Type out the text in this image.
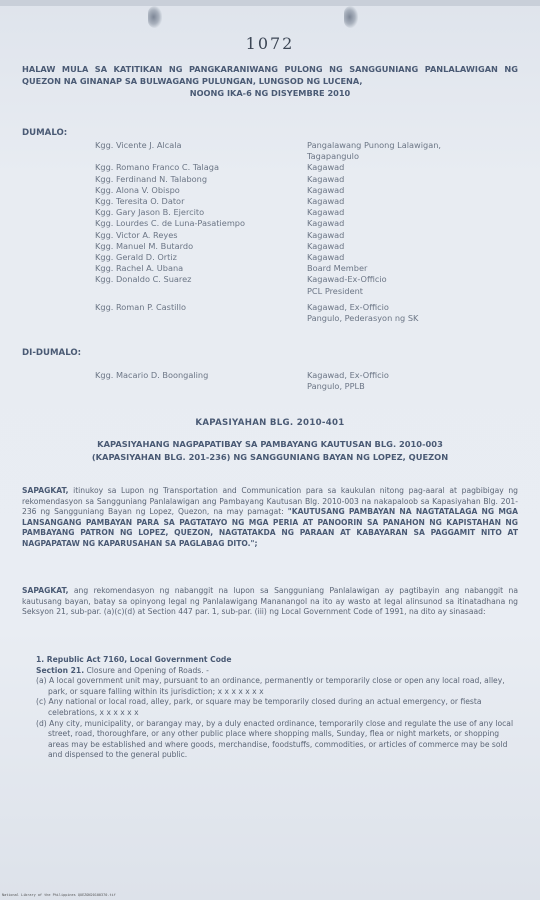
1072
HALAW MULA SA KATITIKAN NG PANGKARANIWANG PULONG NG SANGGUNIANG PANLALAWIGAN NG QUEZON NA GINANAP SA BULWAGANG PULUNGAN, LUNGSOD NG LUCENA,
NOONG IKA-6 NG DISYEMBRE 2010
DUMALO:
Kgg. Vicente J. Alcala	Pangalawang Punong Lalawigan,
Tagapangulo
Kgg. Romano Franco C. Talaga	Kagawad
Kgg. Ferdinand N. Talabong	Kagawad
Kgg. Alona V. Obispo	Kagawad
Kgg. Teresita O. Dator	Kagawad
Kgg. Gary Jason B. Ejercito	Kagawad
Kgg. Lourdes C. de Luna-Pasatiempo	Kagawad
Kgg. Victor A. Reyes	Kagawad
Kgg. Manuel M. Butardo	Kagawad
Kgg. Gerald D. Ortiz	Kagawad
Kgg. Rachel A. Ubana	Board Member
Kgg. Donaldo C. Suarez	Kagawad-Ex-Officio
PCL President
Kgg. Roman P. Castillo	Kagawad, Ex-Officio
Pangulo, Pederasyon ng SK
DI-DUMALO:
Kgg. Macario D. Boongaling	Kagawad, Ex-Officio
Pangulo, PPLB
KAPASIYAHAN BLG. 2010-401
KAPASIYAHANG NAGPAPATIBAY SA PAMBAYANG KAUTUSAN BLG. 2010-003
(KAPASIYAHAN BLG. 201-236) NG SANGGUNIANG BAYAN NG LOPEZ, QUEZON
SAPAGKAT, itinukoy sa Lupon ng Transportation and Communication para sa kaukulan nitong pag-aaral at pagbibigay ng rekomendasyon sa Sangguniang Panlalawigan ang Pambayang Kautusan Blg. 2010-003 na nakapaloob sa Kapasiyahan Blg. 201-236 ng Sangguniang Bayan ng Lopez, Quezon, na may pamagat: "KAUTUSANG PAMBAYAN NA NAGTATALAGA NG MGA LANSANGANG PAMBAYAN PARA SA PAGTATAYO NG MGA PERIA AT PANOORIN SA PANAHON NG KAPISTAHAN NG PAMBAYANG PATRON NG LOPEZ, QUEZON, NAGTATAKDA NG PARAAN AT KABAYARAN SA PAGGAMIT NITO AT NAGPAPATAW NG KAPARUSAHAN SA PAGLABAG DITO.";
SAPAGKAT, ang rekomendasyon ng nabanggit na lupon sa Sangguniang Panlalawigan ay pagtibayin ang nabanggit na kautusang bayan, batay sa opinyong legal ng Panlalawigang Mananangol na ito ay wasto at legal alinsunod sa itinatadhana ng Seksyon 21, sub-par. (a)(c)(d) at Section 447 par. 1, sub-par. (iii) ng Local Government Code of 1991, na dito ay sinasaad:
1. Republic Act 7160, Local Government Code
Section 21. Closure and Opening of Roads. -
(a) A local government unit may, pursuant to an ordinance, permanently or temporarily close or open any local road, alley, park, or square falling within its jurisdiction; x x x x x x x
(c) Any national or local road, alley, park, or square may be temporarily closed during an actual emergency, or fiesta celebrations, x x x x x x
(d) Any city, municipality, or barangay may, by a duly enacted ordinance, temporarily close and regulate the use of any local street, road, thoroughfare, or any other public place where shopping malls, Sunday, flea or night markets, or shopping areas may be established and where goods, merchandise, foodstuffs, commodities, or articles of commerce may be sold and dispensed to the general public.
National Library of the Philippines QUEZON20100370.tif
